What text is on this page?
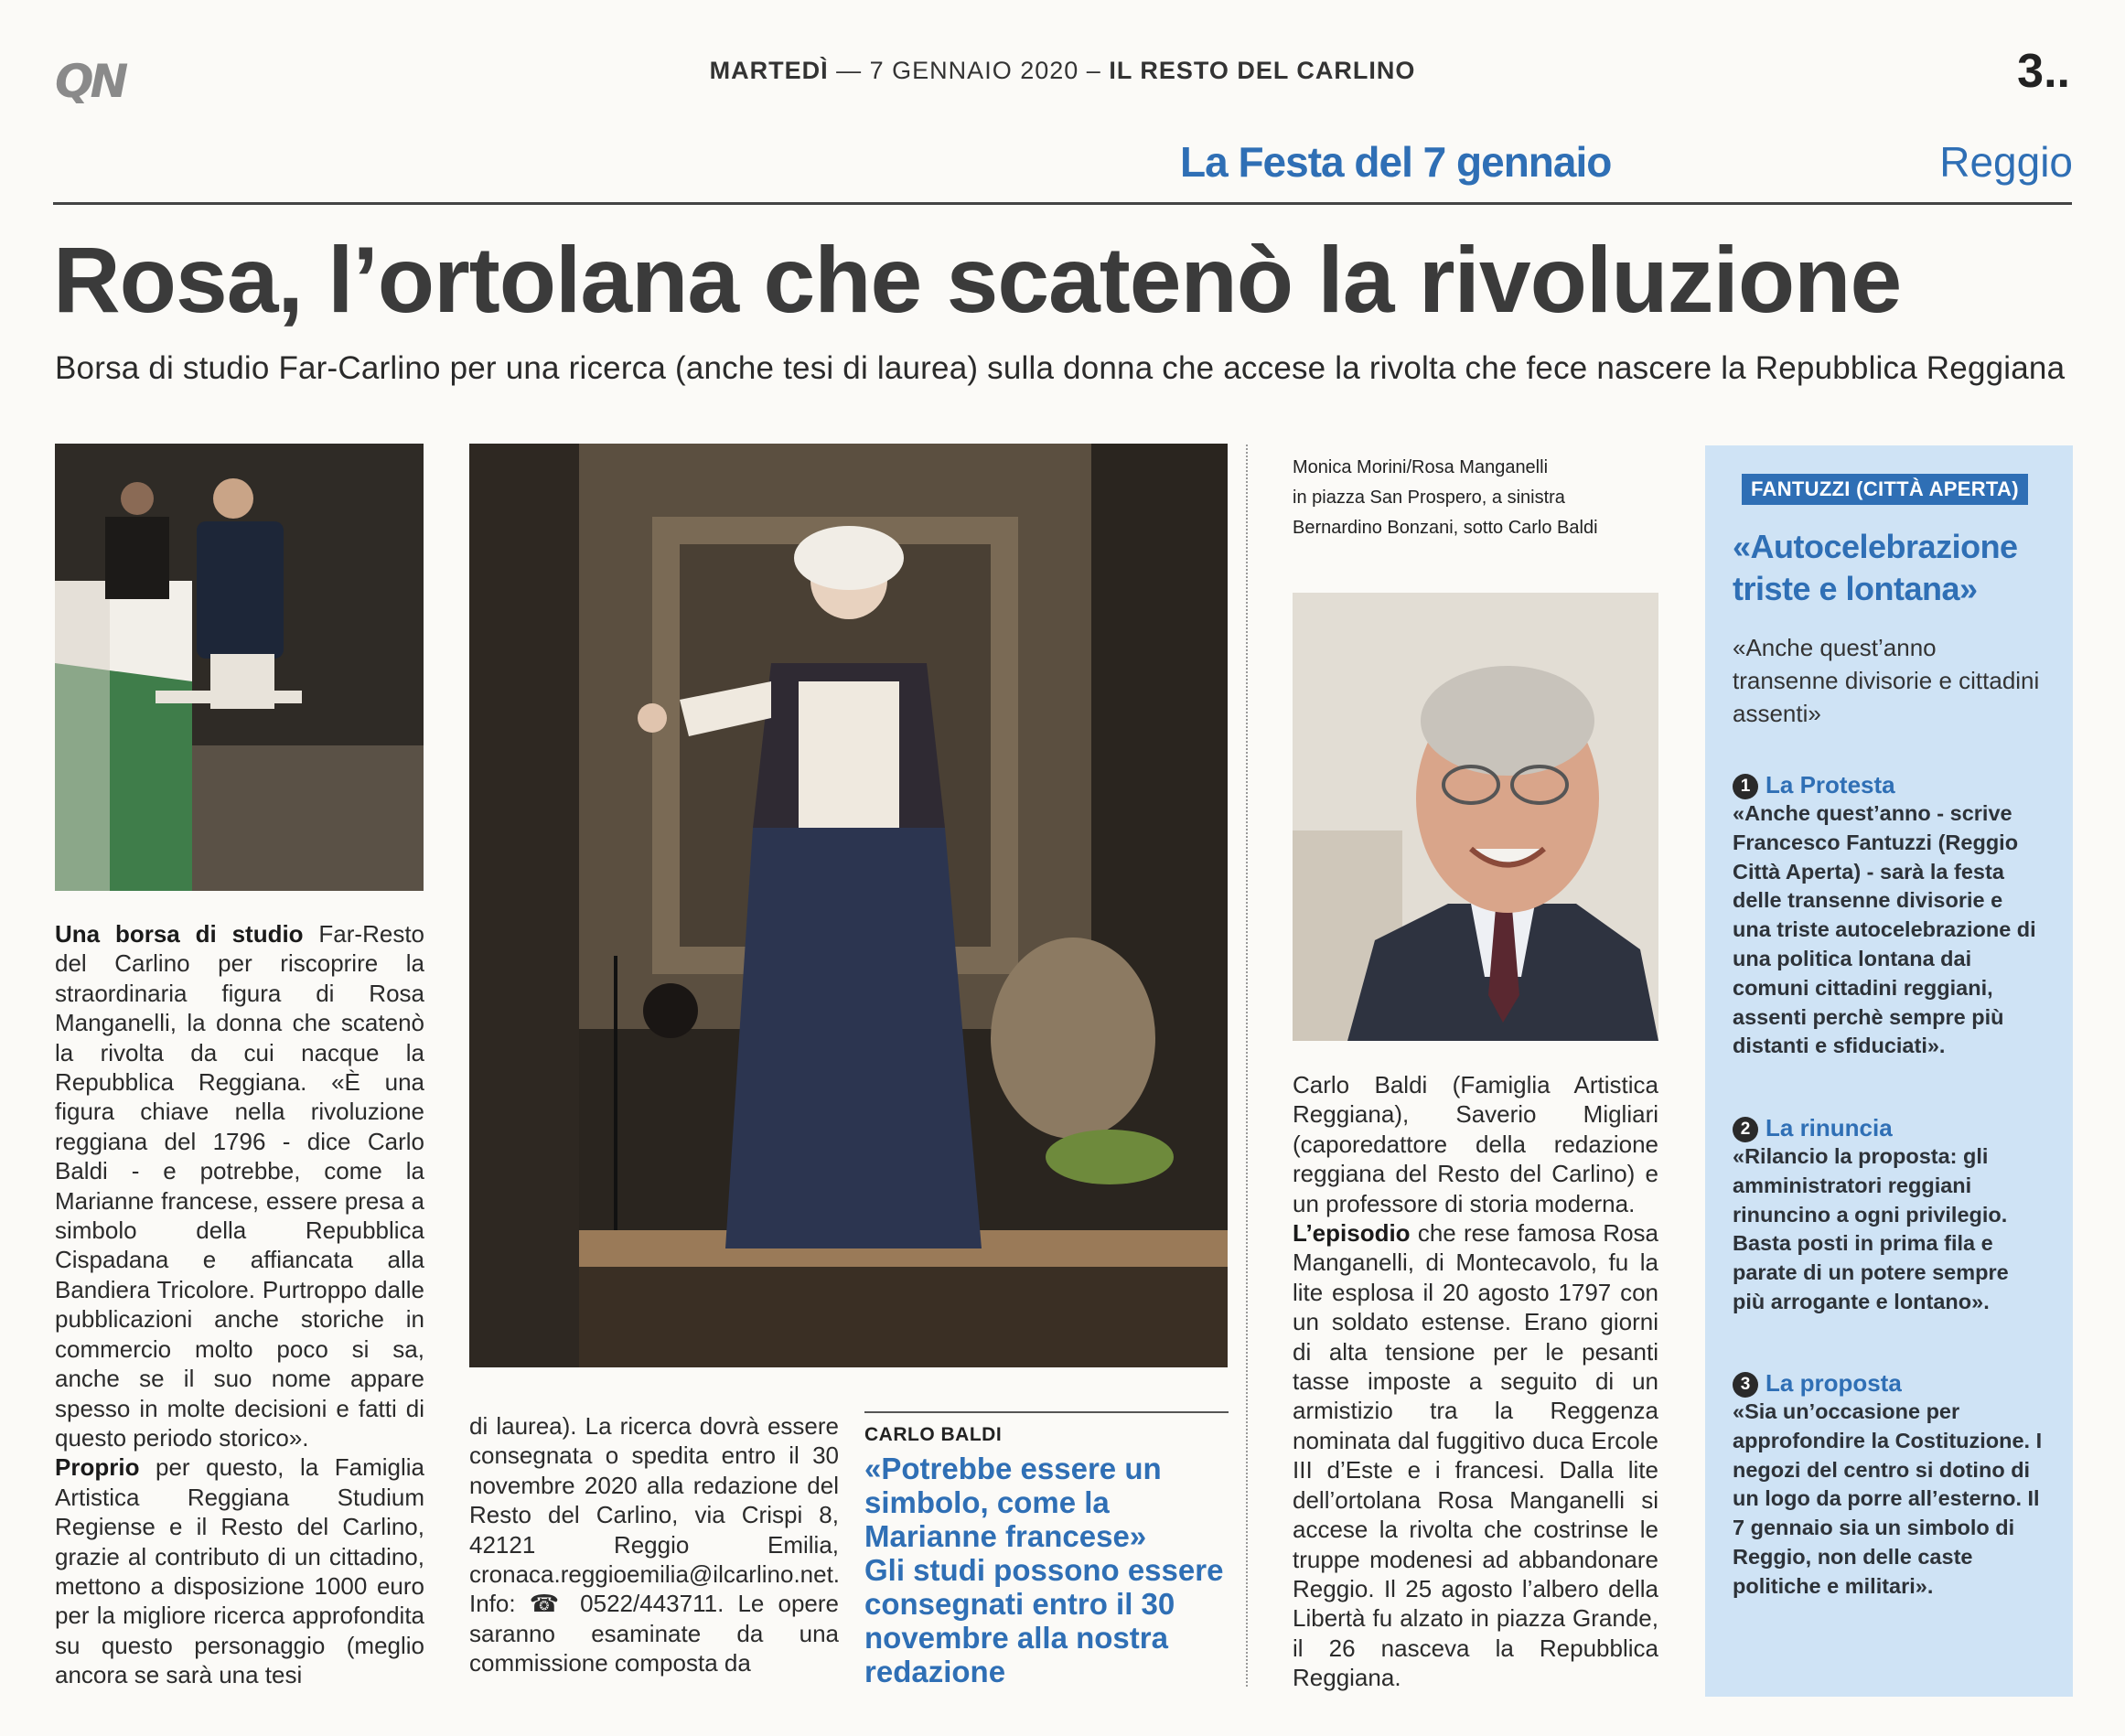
QN	MARTEDÌ — 7 GENNAIO 2020 – IL RESTO DEL CARLINO	3..
La Festa del 7 gennaio	Reggio
Rosa, l’ortolana che scatenò la rivoluzione
Borsa di studio Far-Carlino per una ricerca (anche tesi di laurea) sulla donna che accese la rivolta che fece nascere la Repubblica Reggiana
Monica Morini/Rosa Manganelli
in piazza San Prospero, a sinistra
Bernardino Bonzani, sotto Carlo Baldi
Una borsa di studio Far-Resto del Carlino per riscoprire la straordinaria figura di Rosa Manganelli, la donna che scatenò la rivolta da cui nacque la Repubblica Reggiana. «È una figura chiave nella rivoluzione reggiana del 1796 - dice Carlo Baldi - e potrebbe, come la Marianne francese, essere presa a simbolo della Repubblica Cispadana e affiancata alla Bandiera Tricolore. Purtroppo dalle pubblicazioni anche storiche in commercio molto poco si sa, anche se il suo nome appare spesso in molte decisioni e fatti di questo periodo storico».
Proprio per questo, la Famiglia Artistica Reggiana Studium Regiense e il Resto del Carlino, grazie al contributo di un cittadino, mettono a disposizione 1000 euro per la migliore ricerca approfondita su questo personaggio (meglio ancora se sarà una tesi
di laurea). La ricerca dovrà essere consegnata o spedita entro il 30 novembre 2020 alla redazione del Resto del Carlino, via Crispi 8, 42121 Reggio Emilia, cronaca.reggioemilia@ilcarlino.net. Info: ☎ 0522/443711. Le opere saranno esaminate da una commissione composta da
CARLO BALDI
«Potrebbe essere un simbolo, come la Marianne francese»
Gli studi possono essere consegnati entro il 30 novembre alla nostra redazione
Carlo Baldi (Famiglia Artistica Reggiana), Saverio Migliari (caporedattore della redazione reggiana del Resto del Carlino) e un professore di storia moderna.
L’episodio che rese famosa Rosa Manganelli, di Montecavolo, fu la lite esplosa il 20 agosto 1797 con un soldato estense. Erano giorni di alta tensione per le pesanti tasse imposte a seguito di un armistizio tra la Reggenza nominata dal fuggitivo duca Ercole III d’Este e i francesi. Dalla lite dell’ortolana Rosa Manganelli si accese la rivolta che costrinse le truppe modenesi ad abbandonare Reggio. Il 25 agosto l’albero della Libertà fu alzato in piazza Grande, il 26 nasceva la Repubblica Reggiana.
FANTUZZI (CITTÀ APERTA)
«Autocelebrazione triste e lontana»
«Anche quest’anno transenne divisorie e cittadini assenti»
1 La Protesta
«Anche quest’anno - scrive Francesco Fantuzzi (Reggio Città Aperta) - sarà la festa delle transenne divisorie e una triste autocelebrazione di una politica lontana dai comuni cittadini reggiani, assenti perchè sempre più distanti e sfiduciati».
2 La rinuncia
«Rilancio la proposta: gli amministratori reggiani rinuncino a ogni privilegio. Basta posti in prima fila e parate di un potere sempre più arrogante e lontano».
3 La proposta
«Sia un’occasione per approfondire la Costituzione. I negozi del centro si dotino di un logo da porre all’esterno. Il 7 gennaio sia un simbolo di Reggio, non delle caste politiche e militari».
